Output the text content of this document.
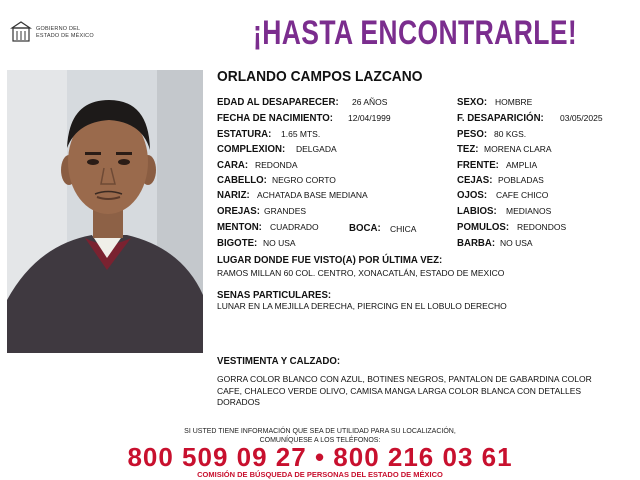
GOBIERNO DEL
ESTADO DE MÉXICO	¡HASTA ENCONTRARLE!
ORLANDO CAMPOS LAZCANO
EDAD AL DESAPARECER: 26 AÑOS
FECHA DE NACIMIENTO: 12/04/1999
ESTATURA: 1.65 MTS.
COMPLEXION: DELGADA
CARA: REDONDA
CABELLO: NEGRO CORTO
NARIZ: ACHATADA BASE MEDIANA
OREJAS: GRANDES
MENTON: CUADRADO	BOCA: CHICA
BIGOTE: NO USA
SEXO: HOMBRE
F. DESAPARICIÓN: 03/05/2025
PESO: 80 KGS.
TEZ: MORENA CLARA
FRENTE: AMPLIA
CEJAS: POBLADAS
OJOS: CAFE CHICO
LABIOS: MEDIANOS
POMULOS: REDONDOS
BARBA: NO USA
LUGAR DONDE FUE VISTO(A) POR ÚLTIMA VEZ:
RAMOS MILLAN 60 COL. CENTRO, XONACATLÁN, ESTADO DE MEXICO
SENAS PARTICULARES:
LUNAR EN LA MEJILLA DERECHA, PIERCING EN EL LOBULO DERECHO
VESTIMENTA Y CALZADO:
GORRA COLOR BLANCO CON AZUL, BOTINES NEGROS, PANTALON DE GABARDINA COLOR CAFE, CHALECO VERDE OLIVO, CAMISA MANGA LARGA COLOR BLANCA CON DETALLES DORADOS
SI USTED TIENE INFORMACIÓN QUE SEA DE UTILIDAD PARA SU LOCALIZACIÓN,
COMUNÍQUESE A LOS TELÉFONOS:
800 509 09 27 • 800 216 03 61
COMISIÓN DE BÚSQUEDA DE PERSONAS DEL ESTADO DE MÉXICO
